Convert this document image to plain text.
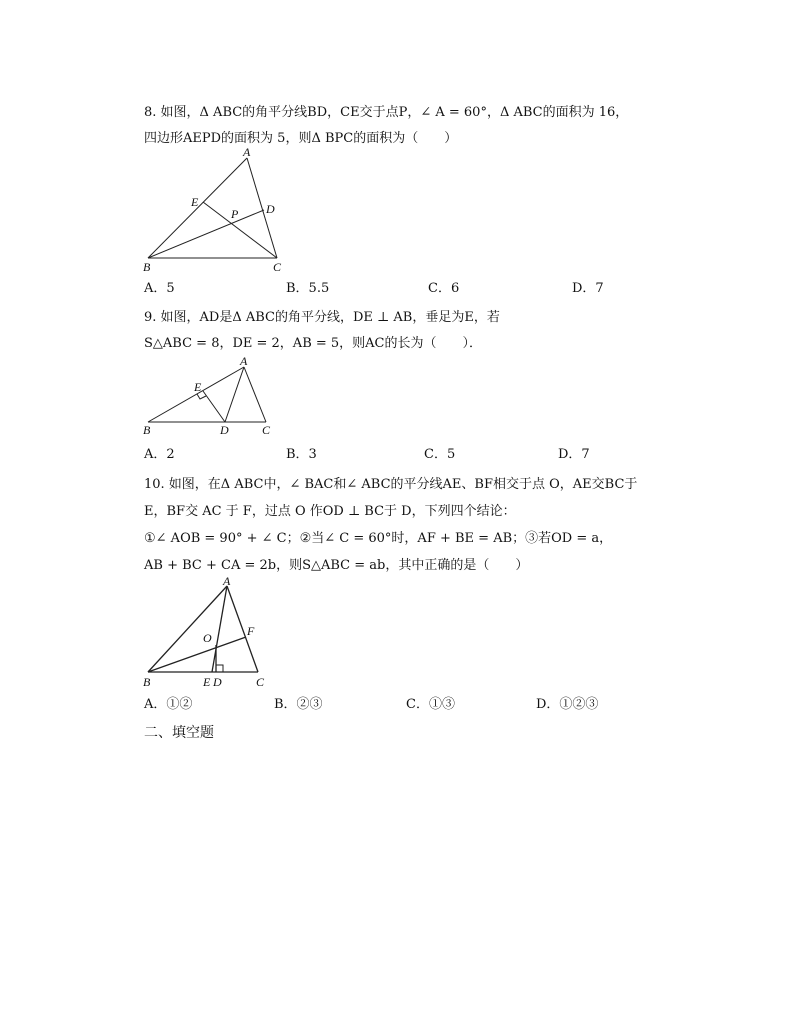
8. 如图，Δ ABC的角平分线BD，CE交于点P，∠ A = 60°，Δ ABC的面积为 16，
四边形AEPD的面积为 5，则Δ BPC的面积为（　　）
A
E
P D
B	C
A．5	B．5.5	C．6	D．7
9. 如图，AD是Δ ABC的角平分线，DE ⊥ AB，垂足为E，若
S△ABC = 8，DE = 2，AB = 5，则AC的长为（　　）．
A
E
B	D	C
A．2	B．3	C．5	D．7
10. 如图，在Δ ABC中，∠ BAC和∠ ABC的平分线AE、BF相交于点 O，AE交BC于
E，BF交 AC 于 F，过点 O 作OD ⊥ BC于 D，下列四个结论：
①∠ AOB = 90° + ∠ C；②当∠ C = 60°时，AF + BE = AB；③若OD = a，
AB + BC + CA = 2b，则S△ABC = ab，其中正确的是（　　）
A
O	F
B	E D	C
A．①②	B．②③	C．①③	D．①②③
二、填空题
